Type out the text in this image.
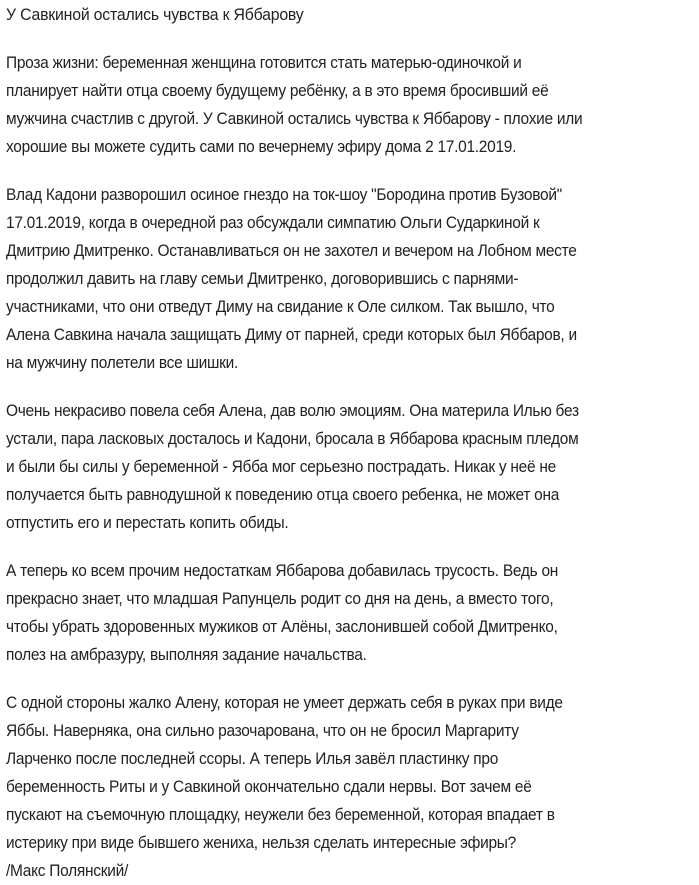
У Савкиной остались чувства к Яббарову
Проза жизни: беременная женщина готовится стать матерью-одиночкой и
планирует найти отца своему будущему ребёнку, а в это время бросивший её
мужчина счастлив с другой. У Савкиной остались чувства к Яббарову - плохие или
хорошие вы можете судить сами по вечернему эфиру дома 2 17.01.2019.
Влад Кадони разворошил осиное гнездо на ток-шоу "Бородина против Бузовой"
17.01.2019, когда в очередной раз обсуждали симпатию Ольги Сударкиной к
Дмитрию Дмитренко. Останавливаться он не захотел и вечером на Лобном месте
продолжил давить на главу семьи Дмитренко, договорившись с парнями-
участниками, что они отведут Диму на свидание к Оле силком. Так вышло, что
Алена Савкина начала защищать Диму от парней, среди которых был Яббаров, и
на мужчину полетели все шишки.
Очень некрасиво повела себя Алена, дав волю эмоциям. Она материла Илью без
устали, пара ласковых досталось и Кадони, бросала в Яббарова красным пледом
и были бы силы у беременной - Ябба мог серьезно пострадать. Никак у неё не
получается быть равнодушной к поведению отца своего ребенка, не может она
отпустить его и перестать копить обиды.
А теперь ко всем прочим недостаткам Яббарова добавилась трусость. Ведь он
прекрасно знает, что младшая Рапунцель родит со дня на день, а вместо того,
чтобы убрать здоровенных мужиков от Алёны, заслонившей собой Дмитренко,
полез на амбразуру, выполняя задание начальства.
С одной стороны жалко Алену, которая не умеет держать себя в руках при виде
Яббы. Наверняка, она сильно разочарована, что он не бросил Маргариту
Ларченко после последней ссоры. А теперь Илья завёл пластинку про
беременность Риты и у Савкиной окончательно сдали нервы. Вот зачем её
пускают на съемочную площадку, неужели без беременной, которая впадает в
истерику при виде бывшего жениха, нельзя сделать интересные эфиры?
/Макс Полянский/
